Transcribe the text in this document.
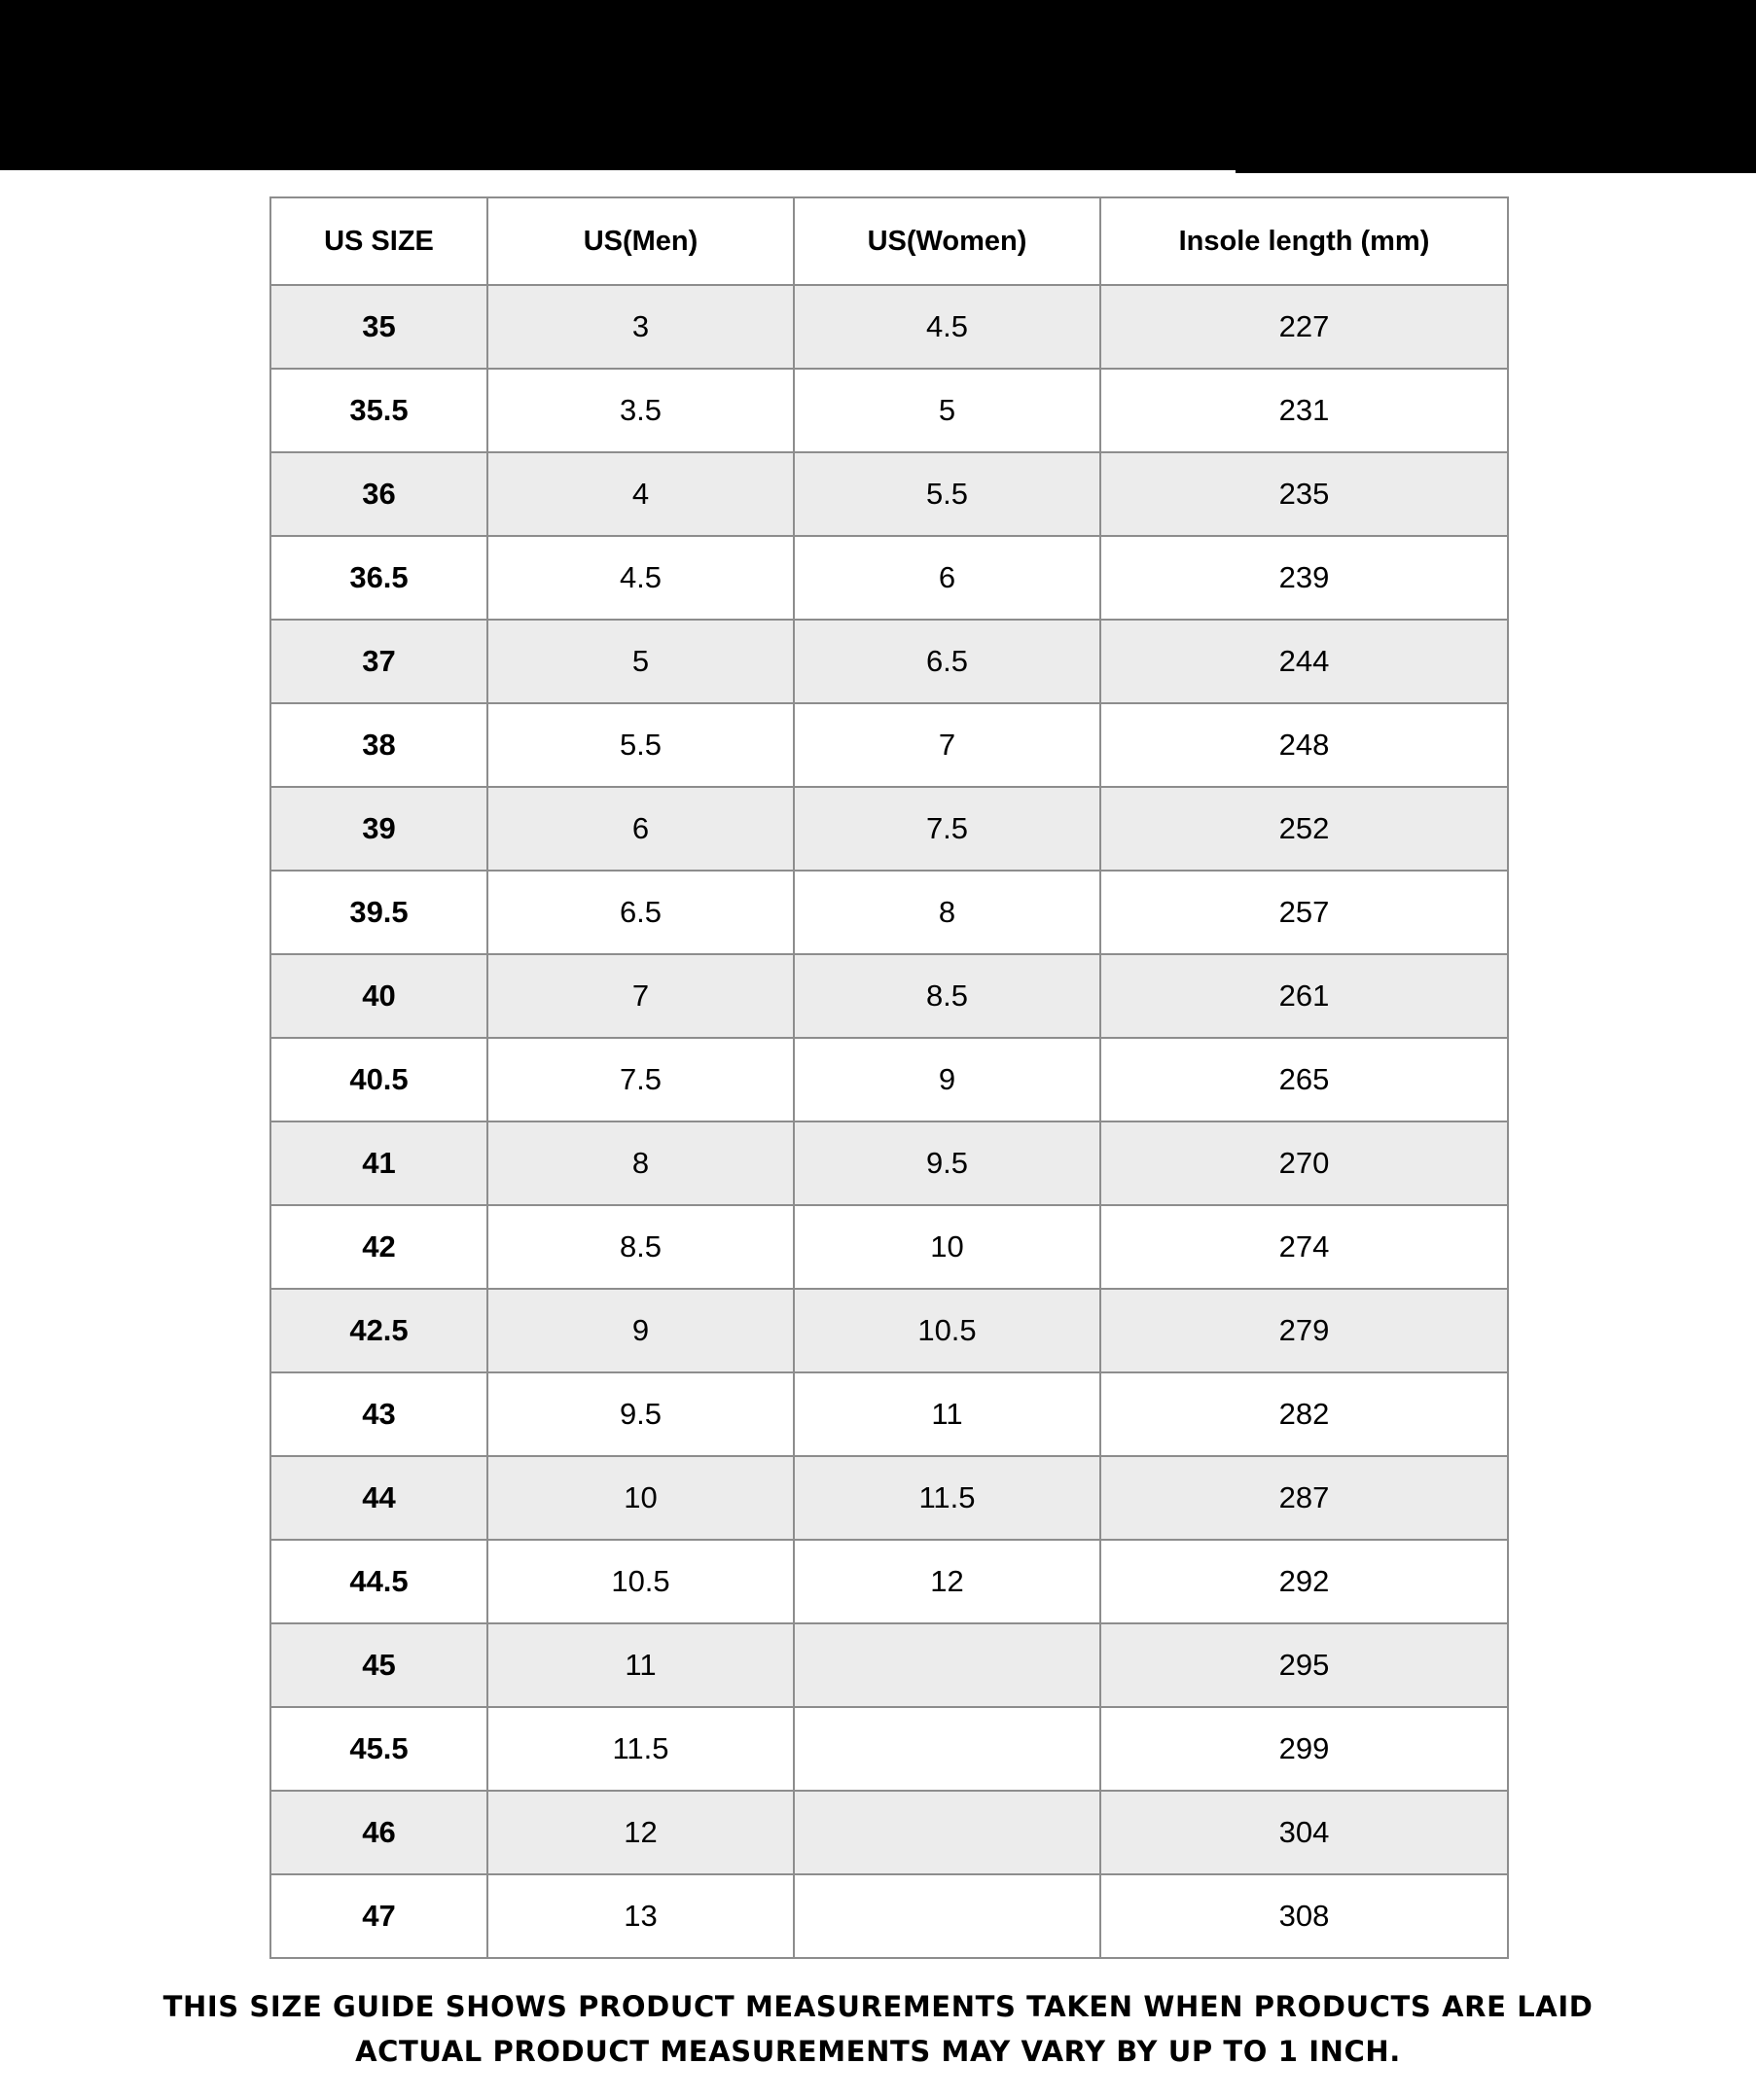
US SIZE	US(Men)	US(Women)	Insole length (mm)
35	3	4.5	227
35.5	3.5	5	231
36	4	5.5	235
36.5	4.5	6	239
37	5	6.5	244
38	5.5	7	248
39	6	7.5	252
39.5	6.5	8	257
40	7	8.5	261
40.5	7.5	9	265
41	8	9.5	270
42	8.5	10	274
42.5	9	10.5	279
43	9.5	11	282
44	10	11.5	287
44.5	10.5	12	292
45	11		295
45.5	11.5		299
46	12		304
47	13		308
THIS SIZE GUIDE SHOWS PRODUCT MEASUREMENTS TAKEN WHEN PRODUCTS ARE LAID
ACTUAL PRODUCT MEASUREMENTS MAY VARY BY UP TO 1 INCH.
